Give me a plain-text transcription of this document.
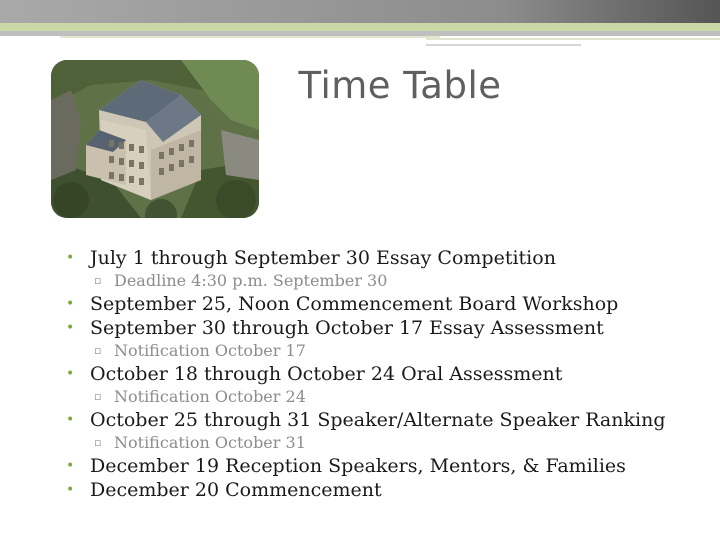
Time Table
• July 1 through September 30 Essay Competition
▫ Deadline 4:30 p.m. September 30
• September 25, Noon Commencement Board Workshop
• September 30 through October 17 Essay Assessment
▫ Notification October 17
• October 18 through October 24 Oral Assessment
▫ Notification October 24
• October 25 through 31 Speaker/Alternate Speaker Ranking
▫ Notification October 31
• December 19 Reception Speakers, Mentors, & Families
• December 20 Commencement
